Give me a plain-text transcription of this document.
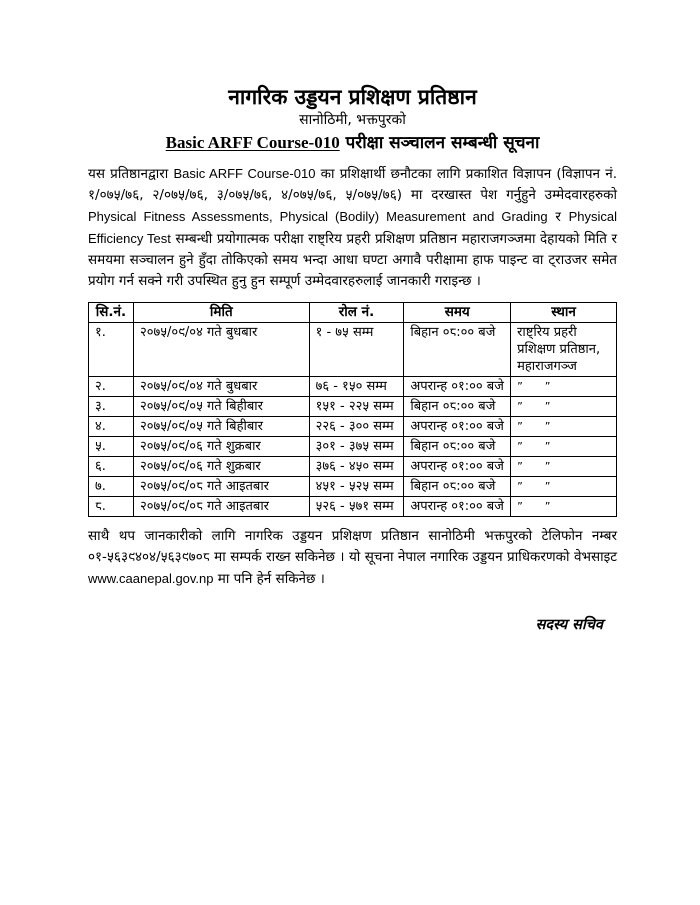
नागरिक उड्डयन प्रशिक्षण प्रतिष्ठान
सानोठिमी, भक्तपुरको
Basic ARFF Course-010 परीक्षा सञ्चालन सम्बन्धी सूचना

यस प्रतिष्ठानद्वारा Basic ARFF Course-010 का प्रशिक्षार्थी छनौटका लागि प्रकाशित विज्ञापन (विज्ञापन नं. १/०७५/७६, २/०७५/७६, ३/०७५/७६, ४/०७५/७६, ५/०७५/७६) मा दरखास्त पेश गर्नुहुने उम्मेदवारहरुको Physical Fitness Assessments, Physical (Bodily) Measurement and Grading र Physical Efficiency Test सम्बन्धी प्रयोगात्मक परीक्षा राष्ट्रिय प्रहरी प्रशिक्षण प्रतिष्ठान महाराजगञ्जमा देहायको मिति र समयमा सञ्चालन हुने हुँदा तोकिएको समय भन्दा आधा घण्टा अगावै परीक्षामा हाफ पाइन्ट वा ट्राउजर समेत प्रयोग गर्न सक्ने गरी उपस्थित हुनु हुन सम्पूर्ण उम्मेदवारहरुलाई जानकारी गराइन्छ ।

सि.नं.	मिति	रोल नं.	समय	स्थान
१.	२०७५/०९/०४ गते बुधबार	१ - ७५ सम्म	बिहान ०८:०० बजे	राष्ट्रिय प्रहरी प्रशिक्षण प्रतिष्ठान, महाराजगञ्ज
२.	२०७५/०९/०४ गते बुधबार	७६ - १५० सम्म	अपरान्ह ०१:०० बजे	”  ”
३.	२०७५/०९/०५ गते बिहीबार	१५१ - २२५ सम्म	बिहान ०८:०० बजे	”  ”
४.	२०७५/०९/०५ गते बिहीबार	२२६ - ३०० सम्म	अपरान्ह ०१:०० बजे	”  ”
५.	२०७५/०९/०६ गते शुक्रबार	३०१ - ३७५ सम्म	बिहान ०८:०० बजे	”  ”
६.	२०७५/०९/०६ गते शुक्रबार	३७६ - ४५० सम्म	अपरान्ह ०१:०० बजे	”  ”
७.	२०७५/०९/०८ गते आइतबार	४५१ - ५२५ सम्म	बिहान ०८:०० बजे	”  ”
८.	२०७५/०९/०८ गते आइतबार	५२६ - ५७१ सम्म	अपरान्ह ०१:०० बजे	”  ”

साथै थप जानकारीको लागि नागरिक उड्डयन प्रशिक्षण प्रतिष्ठान सानोठिमी भक्तपुरको टेलिफोन नम्बर ०१-५६३९४०४/५६३९७०८ मा सम्पर्क राख्न सकिनेछ । यो सूचना नेपाल नगारिक उड्डयन प्राधिकरणको वेभसाइट www.caanepal.gov.np मा पनि हेर्न सकिनेछ ।

सदस्य सचिव
